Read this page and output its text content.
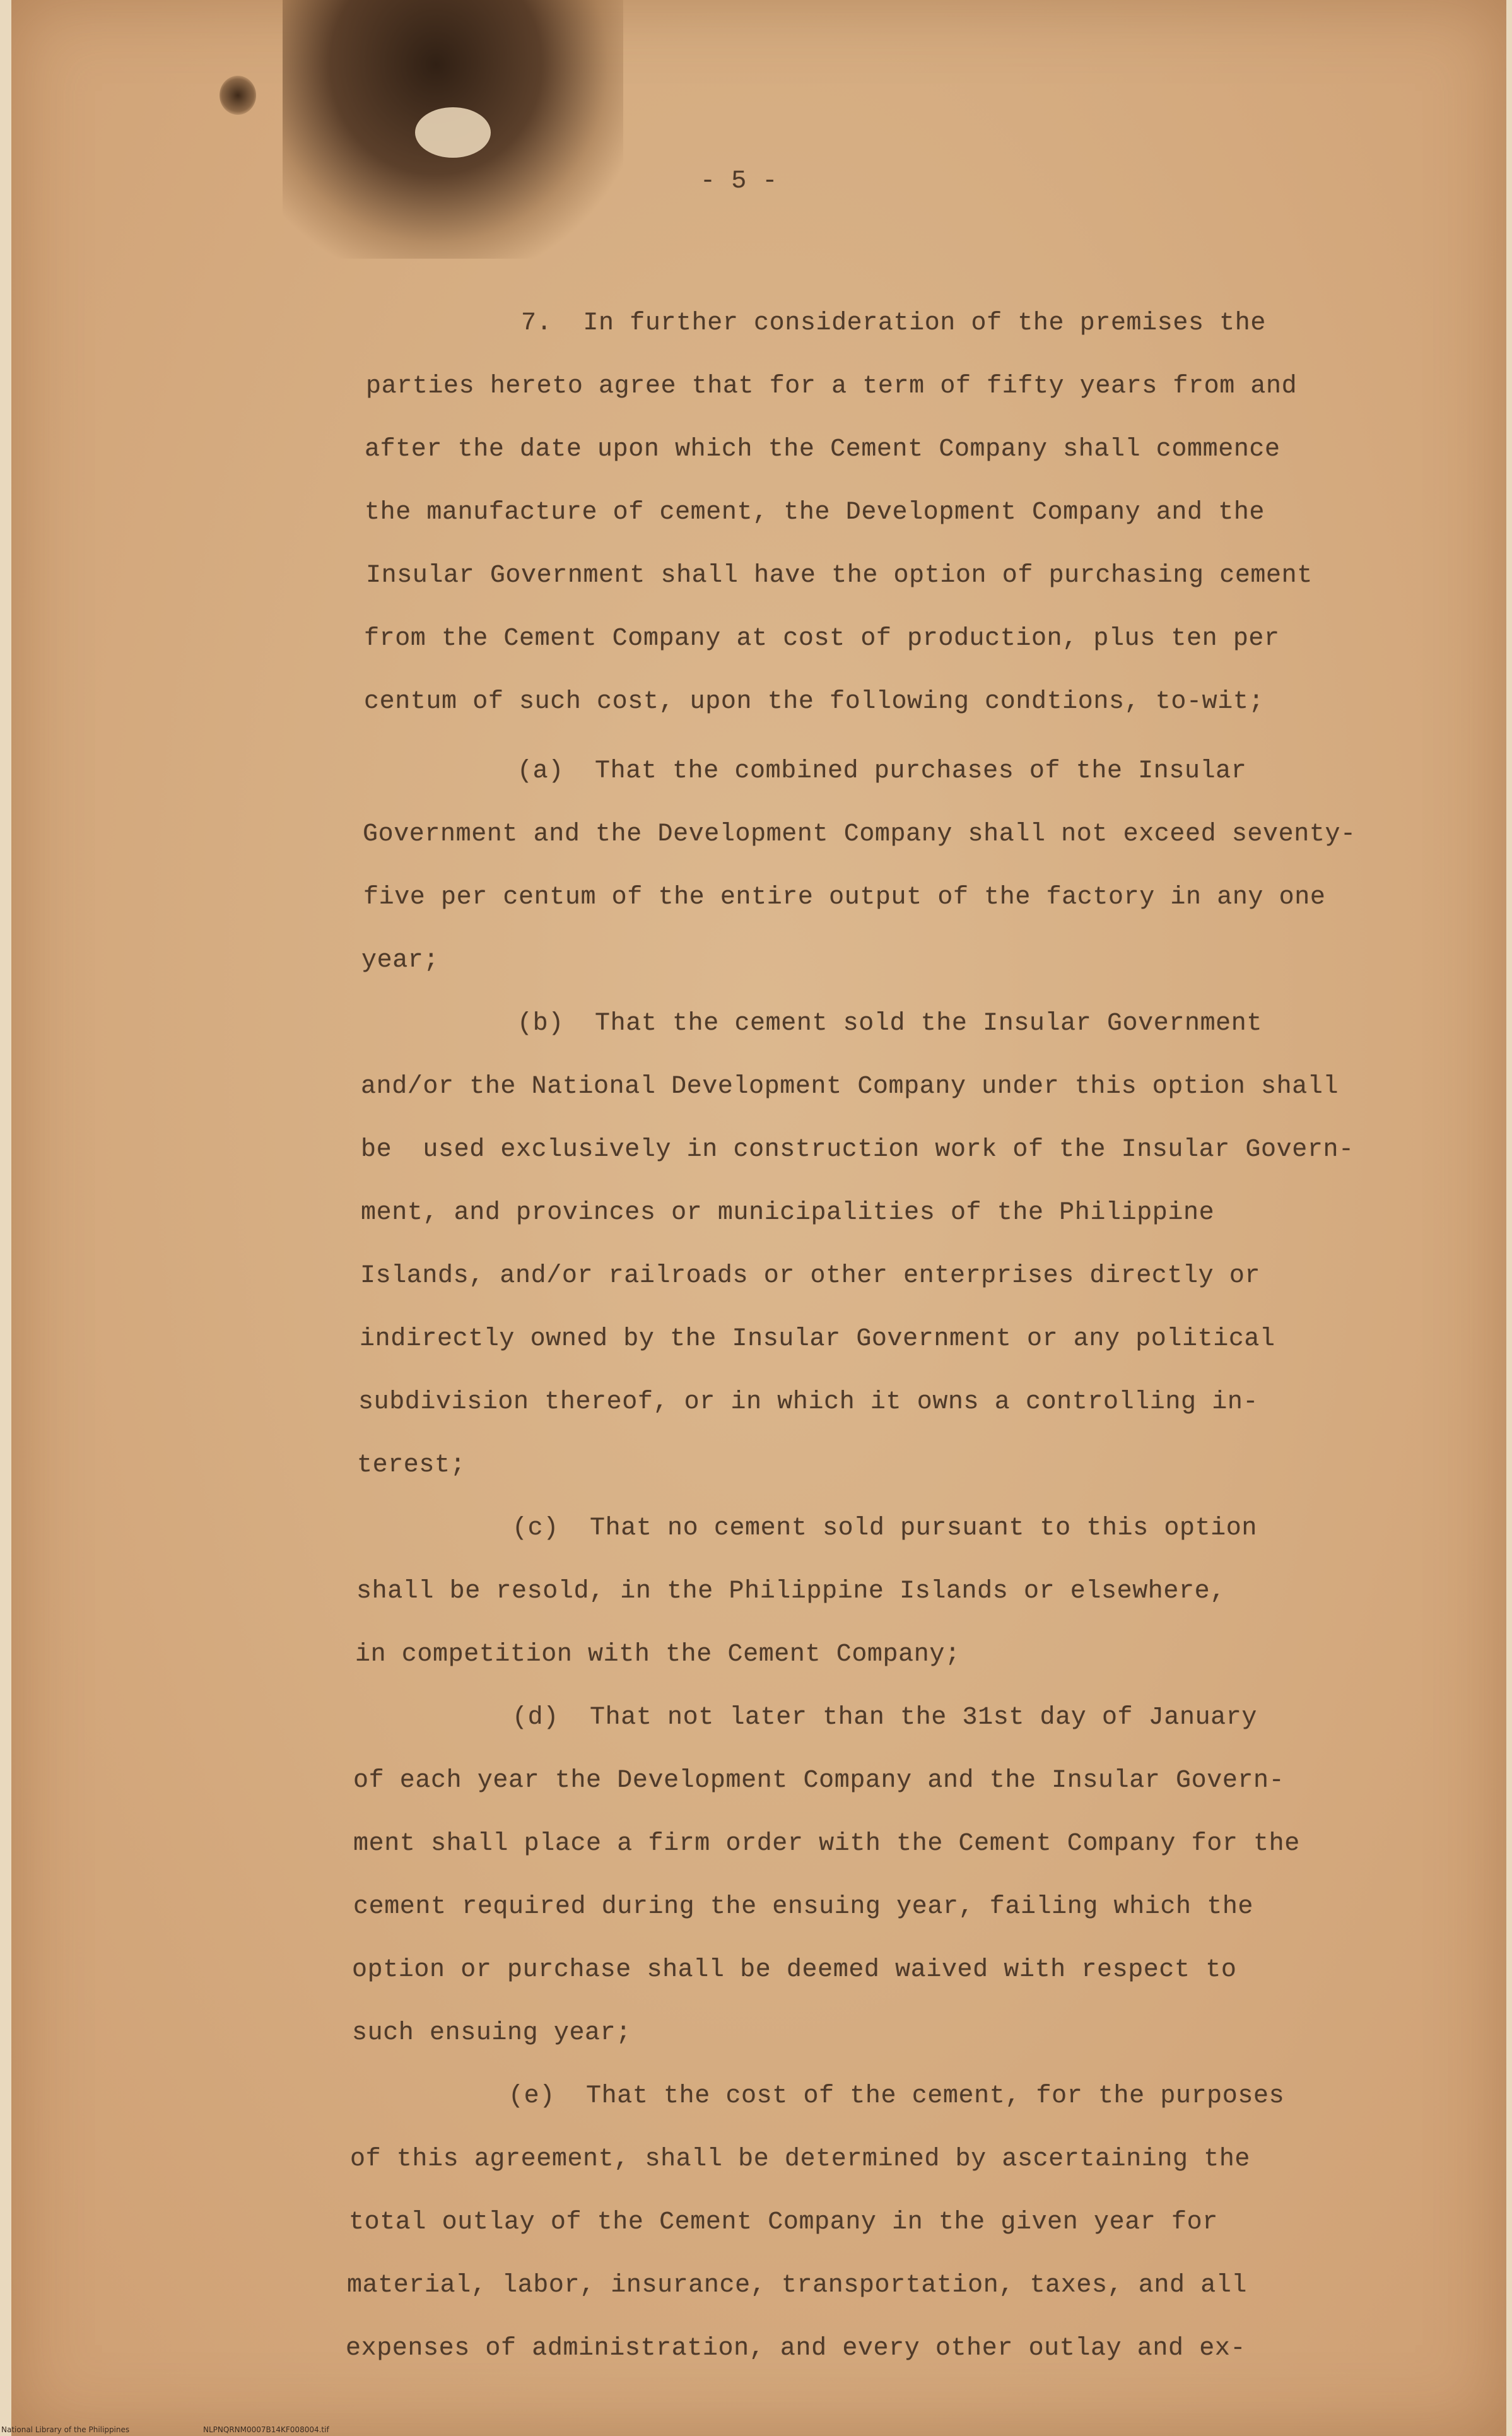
- 5 -
7.  In further consideration of the premises the
parties hereto agree that for a term of fifty years from and
after the date upon which the Cement Company shall commence
the manufacture of cement, the Development Company and the
Insular Government shall have the option of purchasing cement
from the Cement Company at cost of production, plus ten per
centum of such cost, upon the following condtions, to-wit;
(a)  That the combined purchases of the Insular
Government and the Development Company shall not exceed seventy-
five per centum of the entire output of the factory in any one
year;
(b)  That the cement sold the Insular Government
and/or the National Development Company under this option shall
be  used exclusively in construction work of the Insular Govern-
ment, and provinces or municipalities of the Philippine
Islands, and/or railroads or other enterprises directly or
indirectly owned by the Insular Government or any political
subdivision thereof, or in which it owns a controlling in-
terest;
(c)  That no cement sold pursuant to this option
shall be resold, in the Philippine Islands or elsewhere,
in competition with the Cement Company;
(d)  That not later than the 31st day of January
of each year the Development Company and the Insular Govern-
ment shall place a firm order with the Cement Company for the
cement required during the ensuing year, failing which the
option or purchase shall be deemed waived with respect to
such ensuing year;
(e)  That the cost of the cement, for the purposes
of this agreement, shall be determined by ascertaining the
total outlay of the Cement Company in the given year for
material, labor, insurance, transportation, taxes, and all
expenses of administration, and every other outlay and ex-
National Library of the Philippines	NLPNQRNM0007B14KF008004.tif
